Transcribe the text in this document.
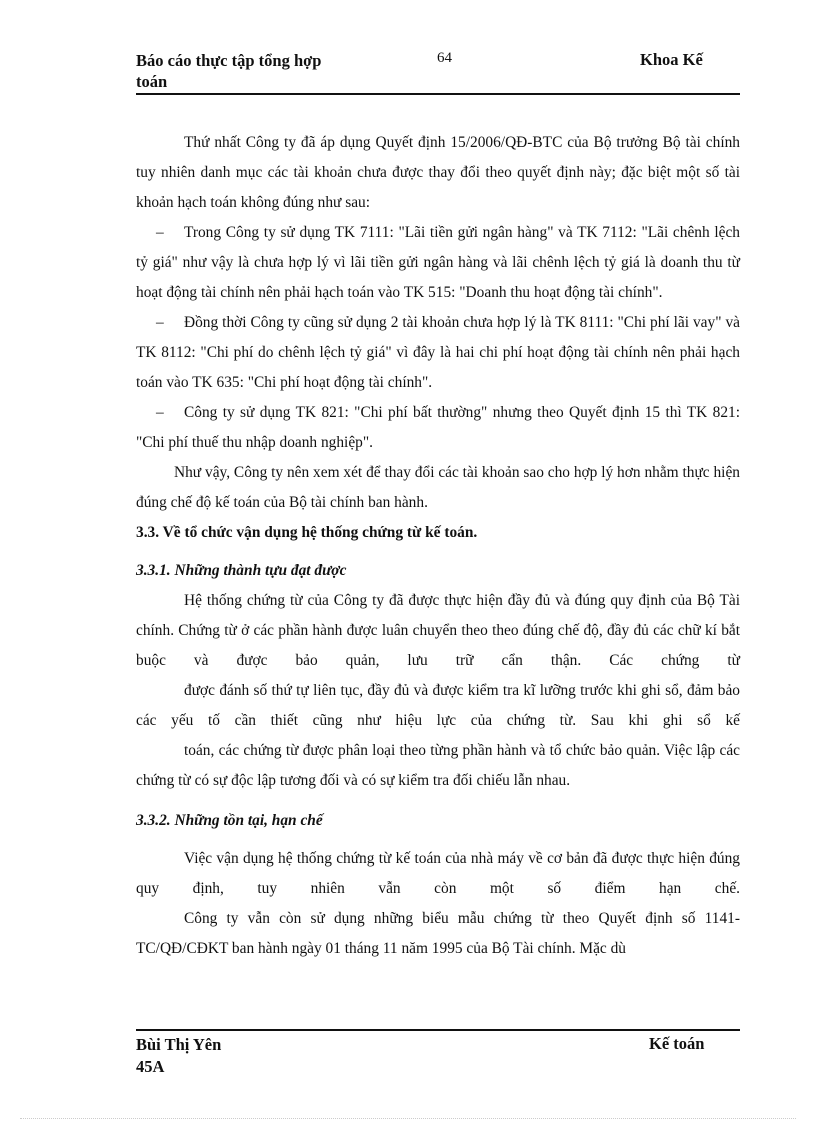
Báo cáo thực tập tổng hợp
toán
64	Khoa Kế

Thứ nhất Công ty đã áp dụng Quyết định 15/2006/QĐ-BTC của Bộ trưởng Bộ tài chính tuy nhiên danh mục các tài khoản chưa được thay đổi theo quyết định này; đặc biệt một số tài khoản hạch toán không đúng như sau:

– Trong Công ty sử dụng TK 7111: "Lãi tiền gửi ngân hàng" và TK 7112: "Lãi chênh lệch tỷ giá" như vậy là chưa hợp lý vì lãi tiền gửi ngân hàng và lãi chênh lệch tỷ giá là doanh thu từ hoạt động tài chính nên phải hạch toán vào TK 515: "Doanh thu hoạt động tài chính".

– Đồng thời Công ty cũng sử dụng 2 tài khoản chưa hợp lý là TK 8111: "Chi phí lãi vay" và TK 8112: "Chi phí do chênh lệch tỷ giá" vì đây là hai chi phí hoạt động tài chính nên phải hạch toán vào TK 635: "Chi phí hoạt động tài chính".

– Công ty sử dụng TK 821: "Chi phí bất thường" nhưng theo Quyết định 15 thì TK 821: "Chi phí thuế thu nhập doanh nghiệp".

Như vậy, Công ty nên xem xét để thay đổi các tài khoản sao cho hợp lý hơn nhằm thực hiện đúng chế độ kế toán của Bộ tài chính ban hành.

3.3. Về tổ chức vận dụng hệ thống chứng từ kế toán.

3.3.1. Những thành tựu đạt được

Hệ thống chứng từ của Công ty đã được thực hiện đầy đủ và đúng quy định của Bộ Tài chính. Chứng từ ở các phần hành được luân chuyển theo theo đúng chế độ, đầy đủ các chữ kí bắt buộc và được bảo quản, lưu trữ cẩn thận. Các chứng từ

được đánh số thứ tự liên tục, đầy đủ và được kiểm tra kĩ lưỡng trước khi ghi sổ, đảm bảo các yếu tố cần thiết cũng như hiệu lực của chứng từ. Sau khi ghi sổ kế

toán, các chứng từ được phân loại theo từng phần hành và tổ chức bảo quản. Việc lập các chứng từ có sự độc lập tương đối và có sự kiểm tra đối chiếu lẫn nhau.

3.3.2. Những tồn tại, hạn chế

Việc vận dụng hệ thống chứng từ kế toán của nhà máy về cơ bản đã được thực hiện đúng quy định, tuy nhiên vẫn còn một số điểm hạn chế.

Công ty vẫn còn sử dụng những biểu mẫu chứng từ theo Quyết định số 1141-TC/QĐ/CĐKT ban hành ngày 01 tháng 11 năm 1995 của Bộ Tài chính. Mặc dù

Bùi Thị Yên
45A
Kế toán
